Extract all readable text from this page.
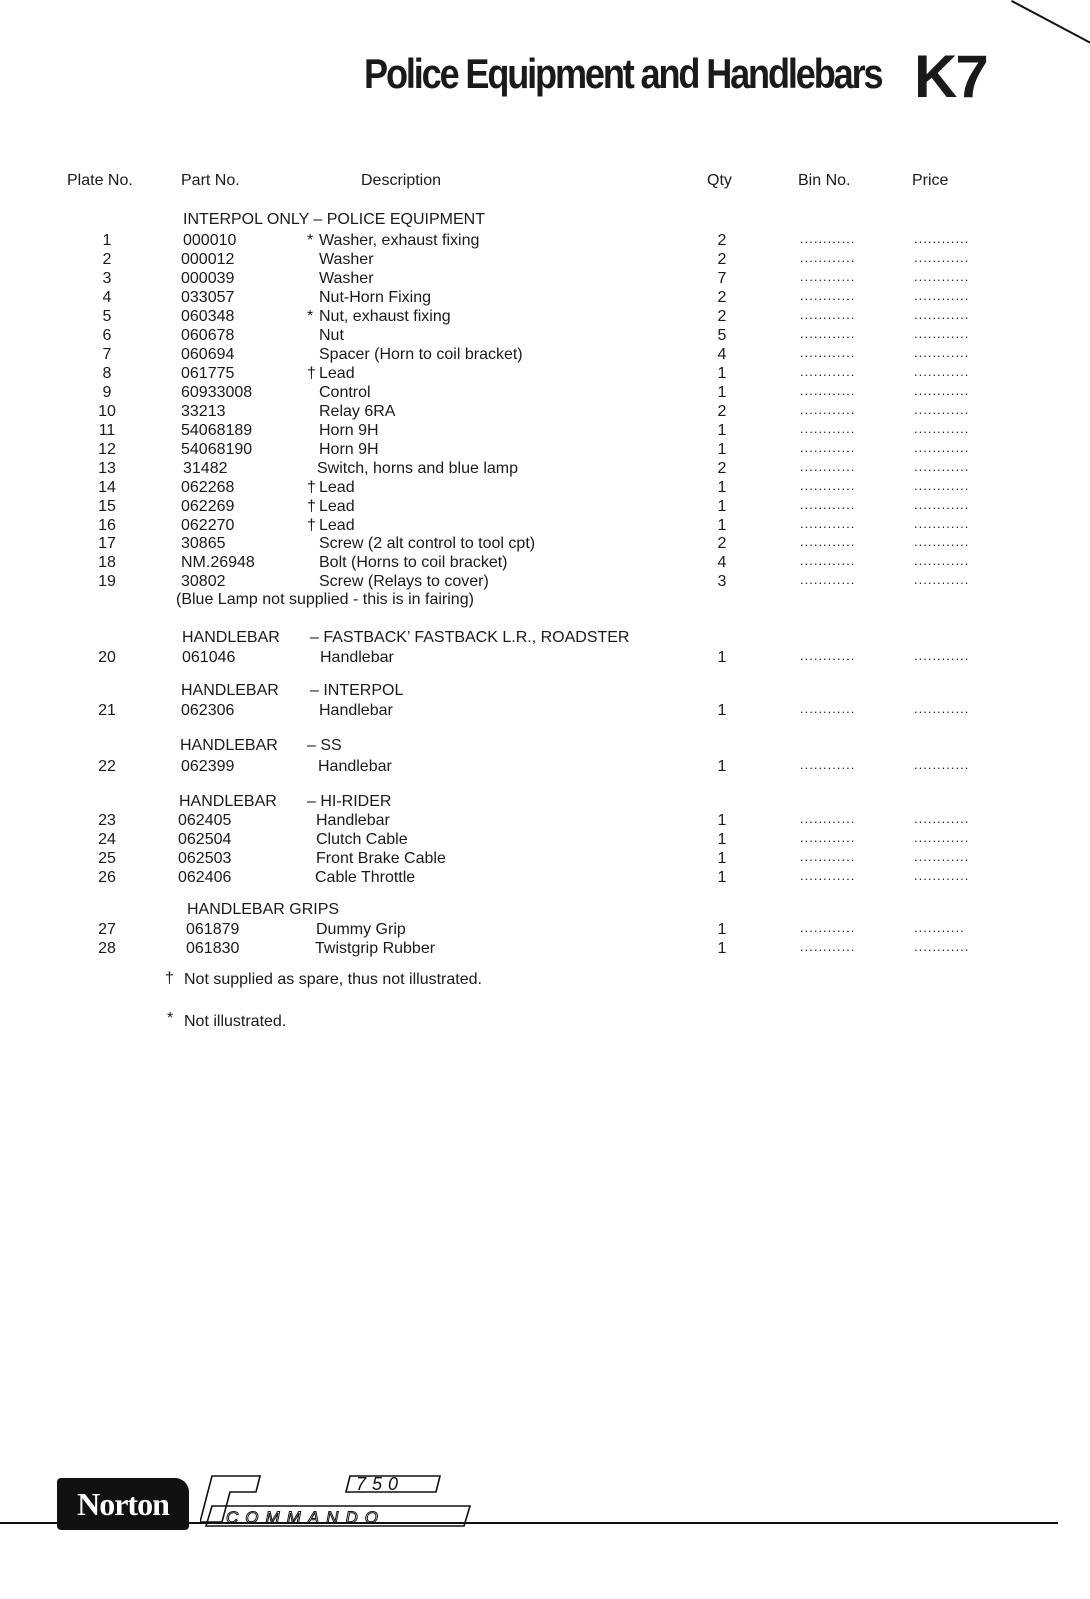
Police Equipment and Handlebars K7
Plate No.	Part No.	Description	Qty	Bin No.	Price
INTERPOL ONLY – POLICE EQUIPMENT
HANDLEBAR – FASTBACK’ FASTBACK L.R., ROADSTER
HANDLEBAR – INTERPOL
HANDLEBAR – SS
HANDLEBAR – HI-RIDER
HANDLEBAR GRIPS
1	000010	* Washer, exhaust fixing	2	............	............
2	000012	Washer	2	............	............
3	000039	Washer	7	............	............
4	033057	Nut-Horn Fixing	2	............	............
5	060348	* Nut, exhaust fixing	2	............	............
6	060678	Nut	5	............	............
7	060694	Spacer (Horn to coil bracket)	4	............	............
8	061775	† Lead	1	............	............
9	60933008	Control	1	............	............
10	33213	Relay 6RA	2	............	............
11	54068189	Horn 9H	1	............	............
12	54068190	Horn 9H	1	............	............
13	31482	Switch, horns and blue lamp	2	............	............
14	062268	† Lead	1	............	............
15	062269	† Lead	1	............	............
16	062270	† Lead	1	............	............
17	30865	Screw (2 alt control to tool cpt)	2	............	............
18	NM.26948	Bolt (Horns to coil bracket)	4	............	............
19	30802	Screw (Relays to cover)	3	............	............
20	061046	Handlebar	1	............	............
21	062306	Handlebar	1	............	............
22	062399	Handlebar	1	............	............
23	062405	Handlebar	1	............	............
24	062504	Clutch Cable	1	............	............
25	062503	Front Brake Cable	1	............	............
26	062406	Cable Throttle	1	............	............
27	061879	Dummy Grip	1	............	...........
28	061830	Twistgrip Rubber	1	............	............
(Blue Lamp not supplied - this is in fairing)
† Not supplied as spare, thus not illustrated.
* Not illustrated.
Norton
750
COMMANDO
